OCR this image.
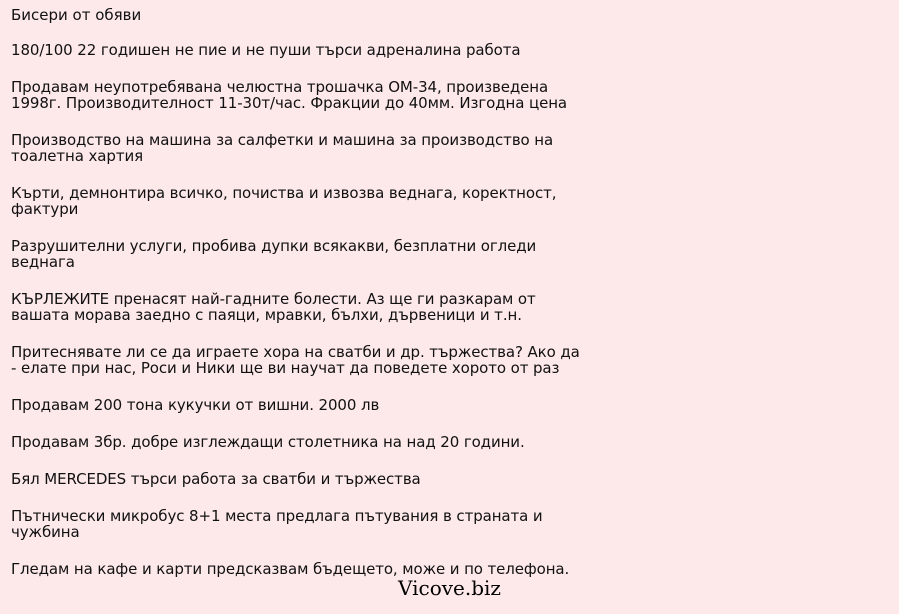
Бисери от обяви
180/100 22 годишен не пие и не пуши търси адреналина работа
Продавам неупотребявана челюстна трошачка ОМ-34, произведена 1998г. Производителност 11-30т/час. Фракции до 40мм. Изгодна цена
Производство на машина за салфетки и машина за производство на тоалетна хартия
Кърти, демнонтира всичко, почиства и извозва веднага, коректност, фактури
Разрушителни услуги, пробива дупки всякакви, безплатни огледи веднага
КЪРЛЕЖИТЕ пренасят най-гадните болести. Аз ще ги разкарам от вашата морава заедно с паяци, мравки, бълхи, дървеници и т.н.
Притеснявате ли се да играете хора на сватби и др. тържества? Ако да - елате при нас, Роси и Ники ще ви научат да поведете хорото от раз
Продавам 200 тона кукучки от вишни. 2000 лв
Продавам 3бр. добре изглеждащи столетника на над 20 години.
Бял MERCEDES търси работа за сватби и тържества
Пътнически микробус 8+1 места предлага пътувания в страната и чужбина
Гледам на кафе и карти предсказвам бъдещето, може и по телефона.
Vicove.biz
